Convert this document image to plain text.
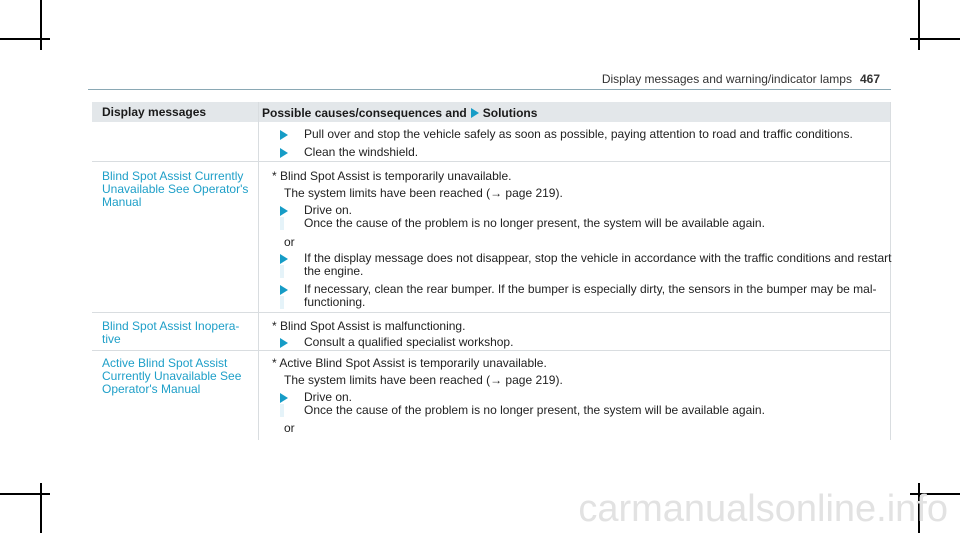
Display messages and warning/indicator lamps 467
Display messages	Possible causes/consequences and Solutions
Pull over and stop the vehicle safely as soon as possible, paying attention to road and traffic conditions.
Clean the windshield.
Blind Spot Assist Currently
Unavailable See Operator's
Manual
* Blind Spot Assist is temporarily unavailable.
The system limits have been reached (→ page 219).
Drive on.
Once the cause of the problem is no longer present, the system will be available again.
or
If the display message does not disappear, stop the vehicle in accordance with the traffic conditions and restart
the engine.
If necessary, clean the rear bumper. If the bumper is especially dirty, the sensors in the bumper may be mal-
functioning.
Blind Spot Assist Inopera-
tive
* Blind Spot Assist is malfunctioning.
Consult a qualified specialist workshop.
Active Blind Spot Assist
Currently Unavailable See
Operator's Manual
* Active Blind Spot Assist is temporarily unavailable.
The system limits have been reached (→ page 219).
Drive on.
Once the cause of the problem is no longer present, the system will be available again.
or
carmanualsonline.info
